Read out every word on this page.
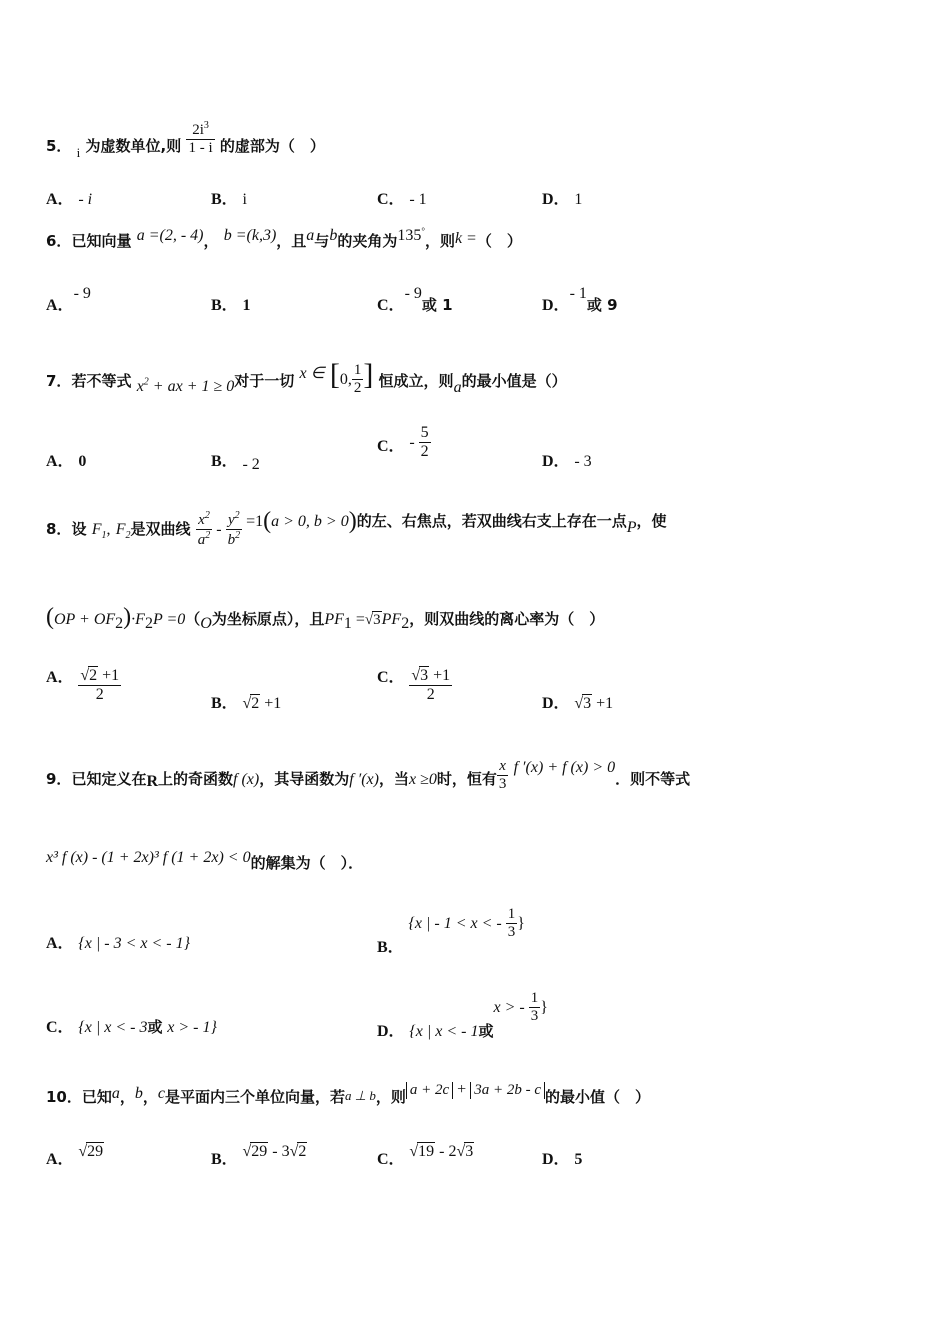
5． i 为虚数单位,则 $\frac{2i^3}{1 - i}$ 的虚部为（　）
A． - i	B． i	C． - 1	D． 1
6．已知向量 a =(2, - 4)， b =(k,3)，且a与b的夹角为135°，则k =（　）
A．- 9
B． 1	C．- 9或 1	D．- 1或 9
7．若不等式 $x^2$ + ax + 1 ≥ 0对于一切 x ∈ [0, $\frac{1}{2}$ ] 恒成立，则a的最小值是（）
A． 0	B． - 2
C． - $\frac{5}{2}$
D． - 3
8．设 $F_1$, $F_2$是双曲线 $\frac{x^2}{a^2} - \frac{y^2}{b^2} =1(a > 0$, b > 0)的左、右焦点，若双曲线右支上存在一点P，使
$(OP + OF_2)\cdot F_2P =0(O$为坐标原点），且$PF_1 =√3PF_2$，则双曲线的离心率为（　）
A． $\frac{√2 +1}{2}$	B． √2 +1
C． $\frac{√3 +1}{2}$	D． √3 +1
9．已知定义在R上的奇函数f (x)，其导函数为f ′(x)，当x ≥0时，恒有 $\frac{x}{3}$ f ′(x) + f (x) > 0．则不等式
x³ f (x) - (1 + 2x)³ f (1 + 2x) < 0的解集为（　）．
A． {x | - 3 < x < - 1}	B． {x | - 1 < x < - $\frac{1}{3}$ }
C． {x | x < - 3或 x > - 1}	D． {x | x < - 1或x > - $\frac{1}{3}$ }
10．已知a，b，c是平面内三个单位向量，若a ⊥ b，则 a + 2c + 3a + 2b - c 的最小值（　）
A． √29	B． √29 - 3√2	C． √19 - 2√3	D． 5
